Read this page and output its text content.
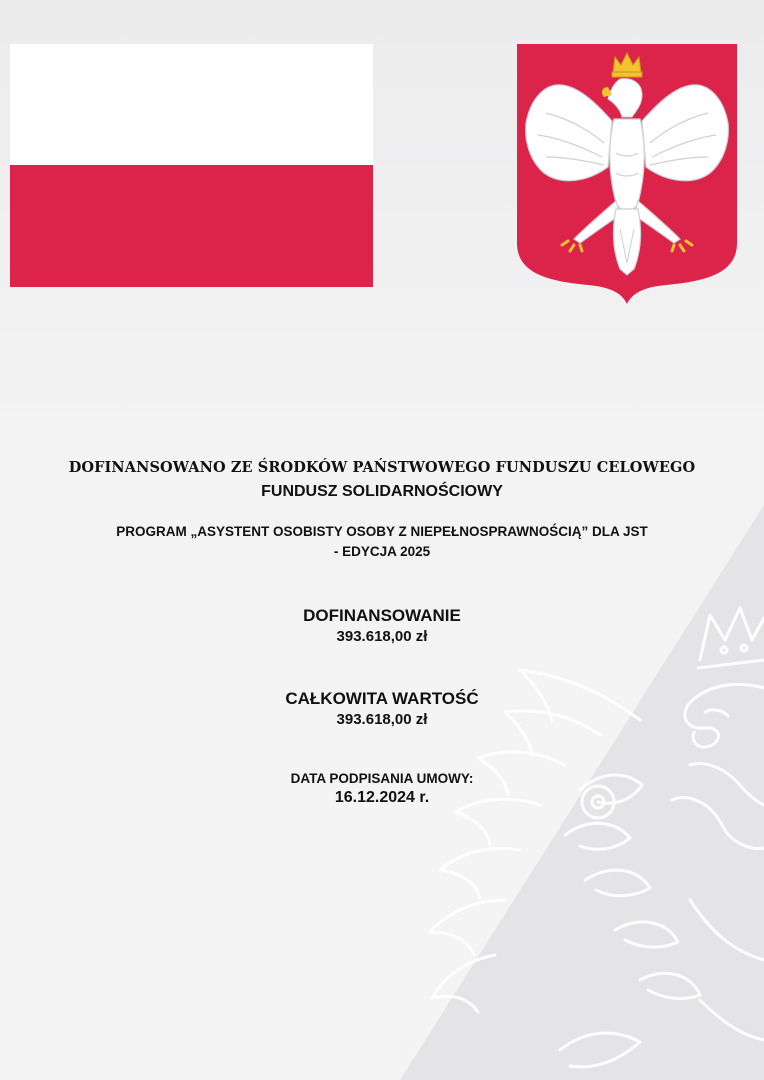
DOFINANSOWANO ZE ŚRODKÓW PAŃSTWOWEGO FUNDUSZU CELOWEGO
FUNDUSZ SOLIDARNOŚCIOWY
PROGRAM „ASYSTENT OSOBISTY OSOBY Z NIEPEŁNOSPRAWNOŚCIĄ” DLA JST
- EDYCJA 2025
DOFINANSOWANIE
393.618,00 zł
CAŁKOWITA WARTOŚĆ
393.618,00 zł
DATA PODPISANIA UMOWY:
16.12.2024 r.
